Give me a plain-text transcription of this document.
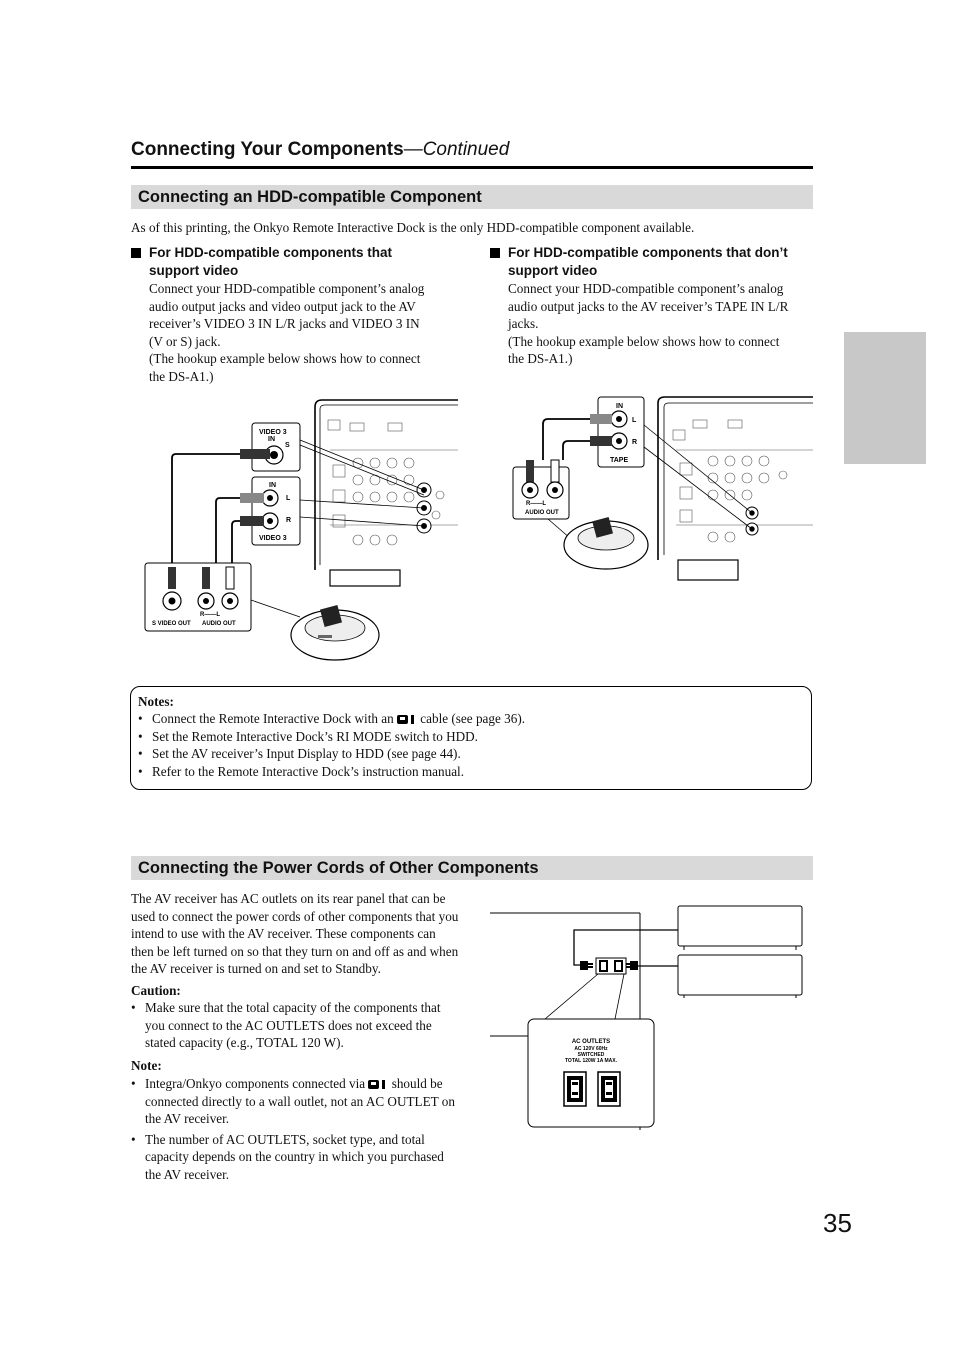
Connecting Your Components—Continued
Connecting an HDD-compatible Component
As of this printing, the Onkyo Remote Interactive Dock is the only HDD-compatible component available.
For HDD-compatible components that
support video
Connect your HDD-compatible component’s analog
audio output jacks and video output jack to the AV
receiver’s VIDEO 3 IN L/R jacks and VIDEO 3 IN
(V or S) jack.
(The hookup example below shows how to connect
the DS-A1.)
For HDD-compatible components that don’t
support video
Connect your HDD-compatible component’s analog
audio output jacks to the AV receiver’s TAPE IN L/R
jacks.
(The hookup example below shows how to connect
the DS-A1.)
VIDEO 3
IN
S
IN
L
R
VIDEO 3
R——L
S VIDEO OUT AUDIO OUT
IN
L
R
TAPE
R——L
AUDIO OUT
Notes:
• Connect the Remote Interactive Dock with an cable (see page 36).
• Set the Remote Interactive Dock’s RI MODE switch to HDD.
• Set the AV receiver’s Input Display to HDD (see page 44).
• Refer to the Remote Interactive Dock’s instruction manual.
Connecting the Power Cords of Other Components
The AV receiver has AC outlets on its rear panel that can be
used to connect the power cords of other components that you
intend to use with the AV receiver. These components can
then be left turned on so that they turn on and off as and when
the AV receiver is turned on and set to Standby.
Caution:
• Make sure that the total capacity of the components that
you connect to the AC OUTLETS does not exceed the
stated capacity (e.g., TOTAL 120 W).
Note:
• Integra/Onkyo components connected via should be
connected directly to a wall outlet, not an AC OUTLET on
the AV receiver.
• The number of AC OUTLETS, socket type, and total
capacity depends on the country in which you purchased
the AV receiver.
AC OUTLETS
AC 120V 60Hz
SWITCHED
TOTAL 120W 1A MAX.
35
